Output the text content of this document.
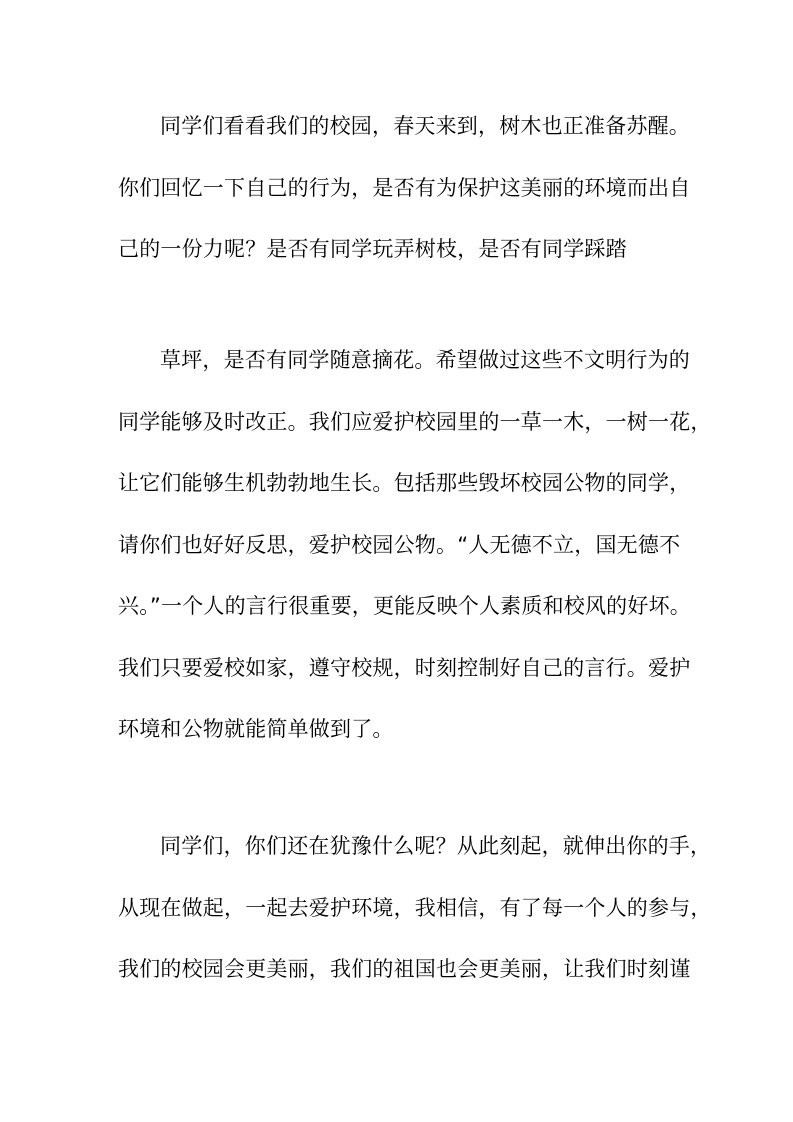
同学们看看我们的校园，春天来到，树木也正准备苏醒。
你们回忆一下自己的行为，是否有为保护这美丽的环境而出自
己的一份力呢？是否有同学玩弄树枝，是否有同学踩踏
草坪，是否有同学随意摘花。希望做过这些不文明行为的
同学能够及时改正。我们应爱护校园里的一草一木，一树一花，
让它们能够生机勃勃地生长。包括那些毁坏校园公物的同学，
请你们也好好反思，爱护校园公物。“人无德不立，国无德不
兴。”一个人的言行很重要，更能反映个人素质和校风的好坏。
我们只要爱校如家，遵守校规，时刻控制好自己的言行。爱护
环境和公物就能简单做到了。
同学们，你们还在犹豫什么呢？从此刻起，就伸出你的手，
从现在做起，一起去爱护环境，我相信，有了每一个人的参与，
我们的校园会更美丽，我们的祖国也会更美丽，让我们时刻谨
